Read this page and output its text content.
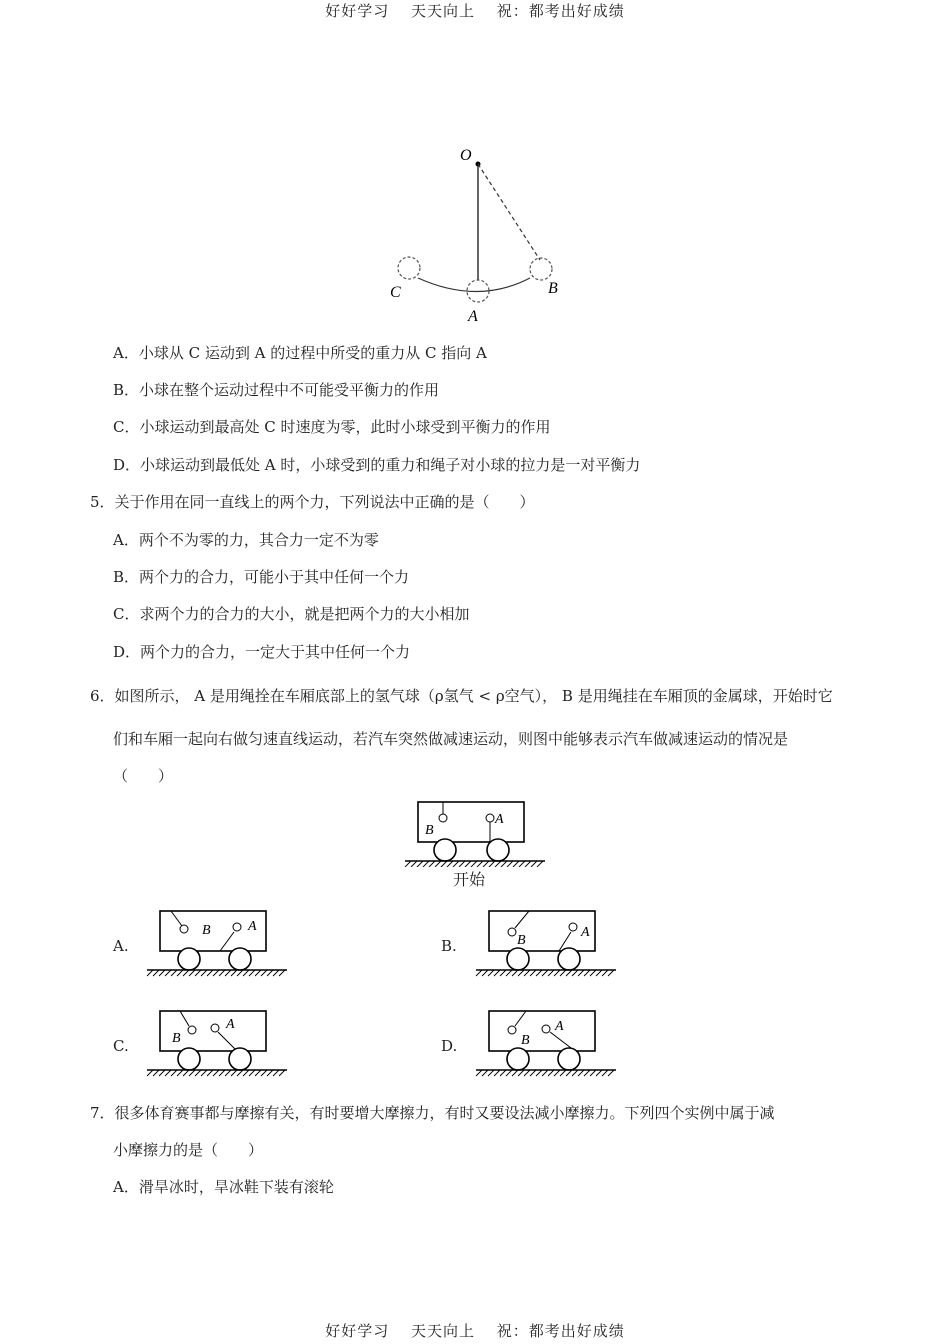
好好学习 天天向上 祝：都考出好成绩
O
C
A
B
A．小球从 C 运动到 A 的过程中所受的重力从 C 指向 A
B．小球在整个运动过程中不可能受平衡力的作用
C．小球运动到最高处 C 时速度为零，此时小球受到平衡力的作用
D．小球运动到最低处 A 时，小球受到的重力和绳子对小球的拉力是一对平衡力
5．关于作用在同一直线上的两个力，下列说法中正确的是（　　）
A．两个不为零的力，其合力一定不为零
B．两个力的合力，可能小于其中任何一个力
C．求两个力的合力的大小，就是把两个力的大小相加
D．两个力的合力，一定大于其中任何一个力
6．如图所示， A 是用绳拴在车厢底部上的氢气球（ρ氢气 < ρ空气）， B 是用绳挂在车厢顶的金属球，开始时它
们和车厢一起向右做匀速直线运动，若汽车突然做减速运动，则图中能够表示汽车做减速运动的情况是
（　　）
B
A
开始
A.
B	A
B.	B
A
C.	B
A
D.	B
A
7．很多体育赛事都与摩擦有关，有时要增大摩擦力，有时又要设法减小摩擦力。下列四个实例中属于减
小摩擦力的是（　　）
A．滑旱冰时，旱冰鞋下装有滚轮
好好学习 天天向上 祝：都考出好成绩
